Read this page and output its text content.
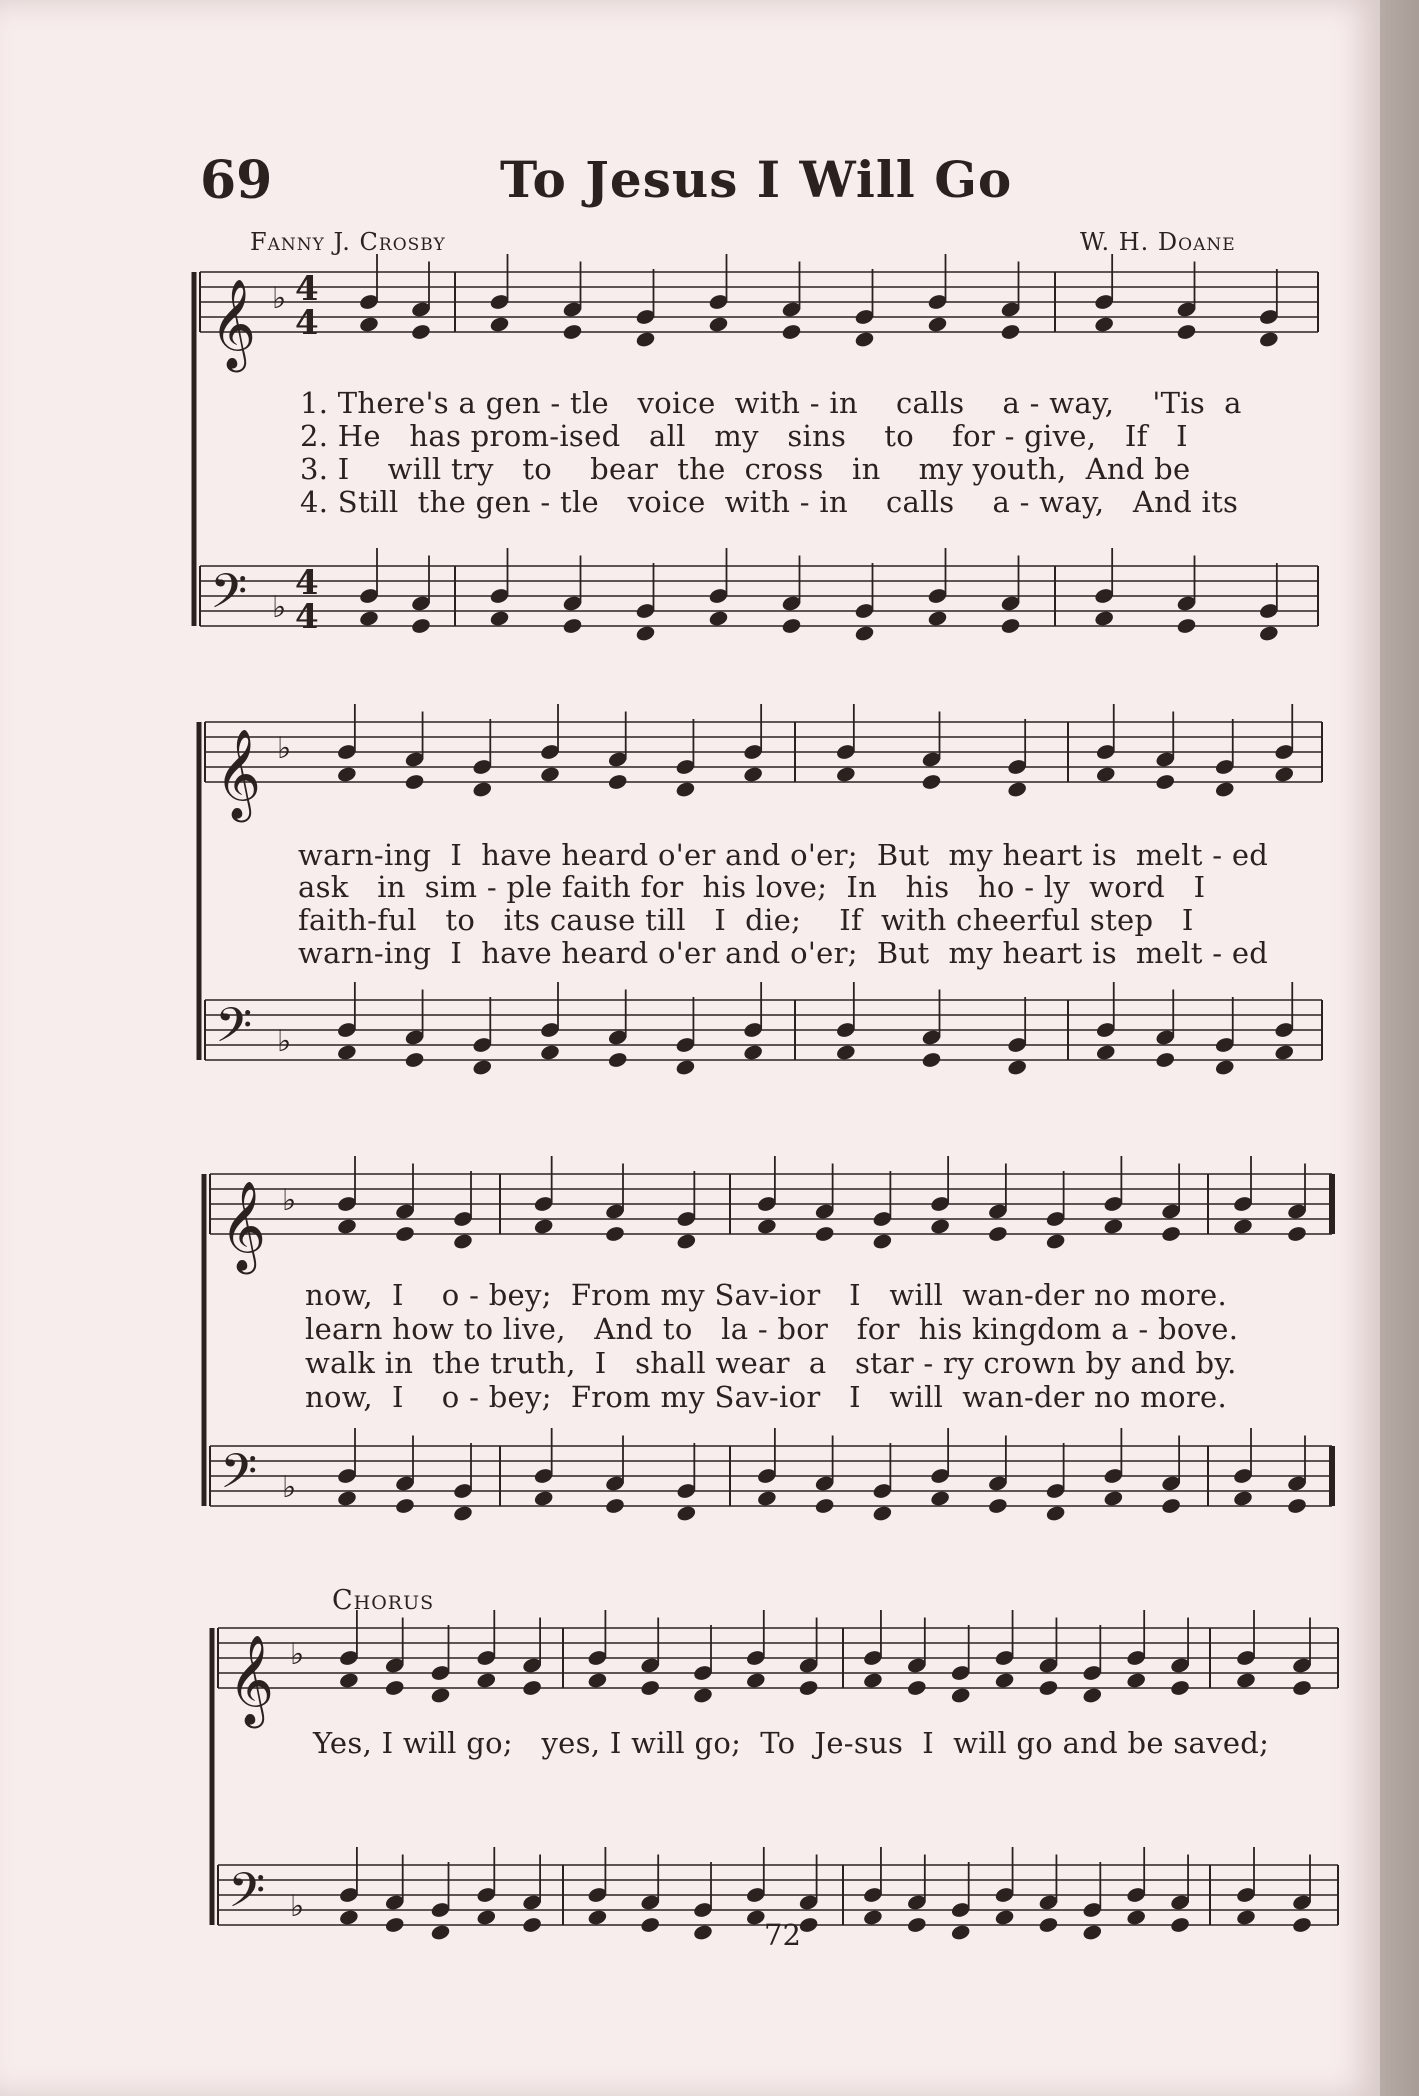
69	To Jesus I Will Go
Fanny J. Crosby	W. H. Doane
𝄞
𝄢
♭
♭
4
4
4
4
𝄞
𝄢
♭
♭
𝄞
𝄢
♭
♭
𝄞
𝄢
♭
♭
1. There's a gen - tle   voice  with - in    calls    a - way,    'Tis  a
2. He   has prom-ised   all   my   sins    to    for - give,   If   I
3. I    will try   to    bear  the  cross   in    my youth,  And be
4. Still  the gen - tle   voice  with - in    calls    a - way,   And its
warn-ing  I  have heard o'er and o'er;  But  my heart is  melt - ed
ask   in  sim - ple faith for  his love;  In   his   ho - ly  word   I
faith-ful   to   its cause till   I  die;    If  with cheerful step   I
warn-ing  I  have heard o'er and o'er;  But  my heart is  melt - ed
now,  I    o - bey;  From my Sav-ior   I   will  wan-der no more.
learn how to live,   And to   la - bor   for  his kingdom a - bove.
walk in  the truth,  I   shall wear  a   star - ry crown by and by.
now,  I    o - bey;  From my Sav-ior   I   will  wan-der no more.
Chorus
Yes, I will go;   yes, I will go;  To  Je-sus  I  will go and be saved;
72
